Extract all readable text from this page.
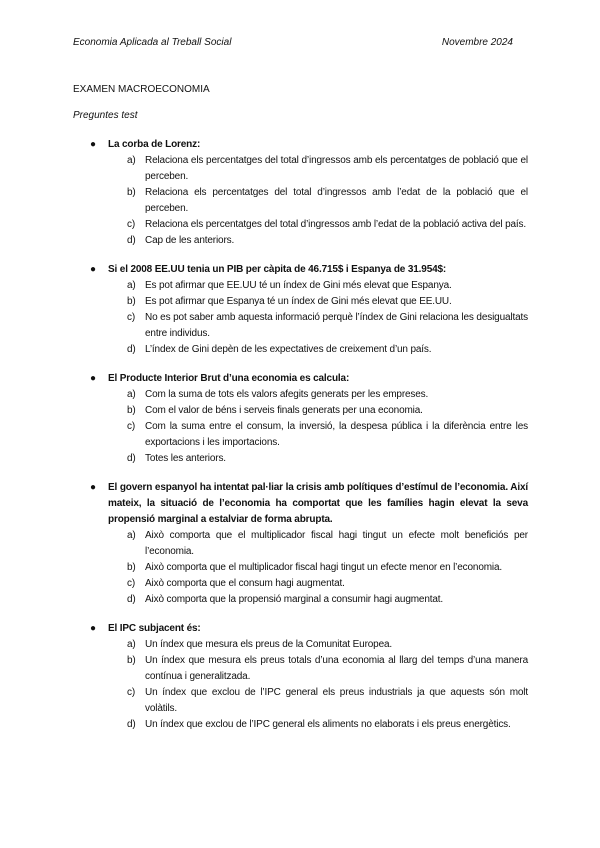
Economia Aplicada al Treball Social	Novembre 2024
EXAMEN MACROECONOMIA
Preguntes test
● La corba de Lorenz:
a) Relaciona els percentatges del total d’ingressos amb els percentatges de població que el perceben.
b) Relaciona els percentatges del total d’ingressos amb l’edat de la població que el perceben.
c) Relaciona els percentatges del total d’ingressos amb l’edat de la població activa del país.
d) Cap de les anteriors.
● Si el 2008 EE.UU tenia un PIB per càpita de 46.715$ i Espanya de 31.954$:
a) Es pot afirmar que EE.UU té un índex de Gini més elevat que Espanya.
b) Es pot afirmar que Espanya té un índex de Gini més elevat que EE.UU.
c) No es pot saber amb aquesta informació perquè l’índex de Gini relaciona les desigualtats entre individus.
d) L’índex de Gini depèn de les expectatives de creixement d’un país.
● El Producte Interior Brut d’una economia es calcula:
a) Com la suma de tots els valors afegits generats per les empreses.
b) Com el valor de béns i serveis finals generats per una economia.
c) Com la suma entre el consum, la inversió, la despesa pública i la diferència entre les exportacions i les importacions.
d) Totes les anteriors.
● El govern espanyol ha intentat pal·liar la crisis amb polítiques d’estímul de l’economia. Així mateix, la situació de l’economia ha comportat que les famílies hagin elevat la seva propensió marginal a estalviar de forma abrupta.
a) Això comporta que el multiplicador fiscal hagi tingut un efecte molt beneficiós per l’economia.
b) Això comporta que el multiplicador fiscal hagi tingut un efecte menor en l’economia.
c) Això comporta que el consum hagi augmentat.
d) Això comporta que la propensió marginal a consumir hagi augmentat.
● El IPC subjacent és:
a) Un índex que mesura els preus de la Comunitat Europea.
b) Un índex que mesura els preus totals d’una economia al llarg del temps d’una manera contínua i generalitzada.
c) Un índex que exclou de l’IPC general els preus industrials ja que aquests són molt volàtils.
d) Un índex que exclou de l’IPC general els aliments no elaborats i els preus energètics.
